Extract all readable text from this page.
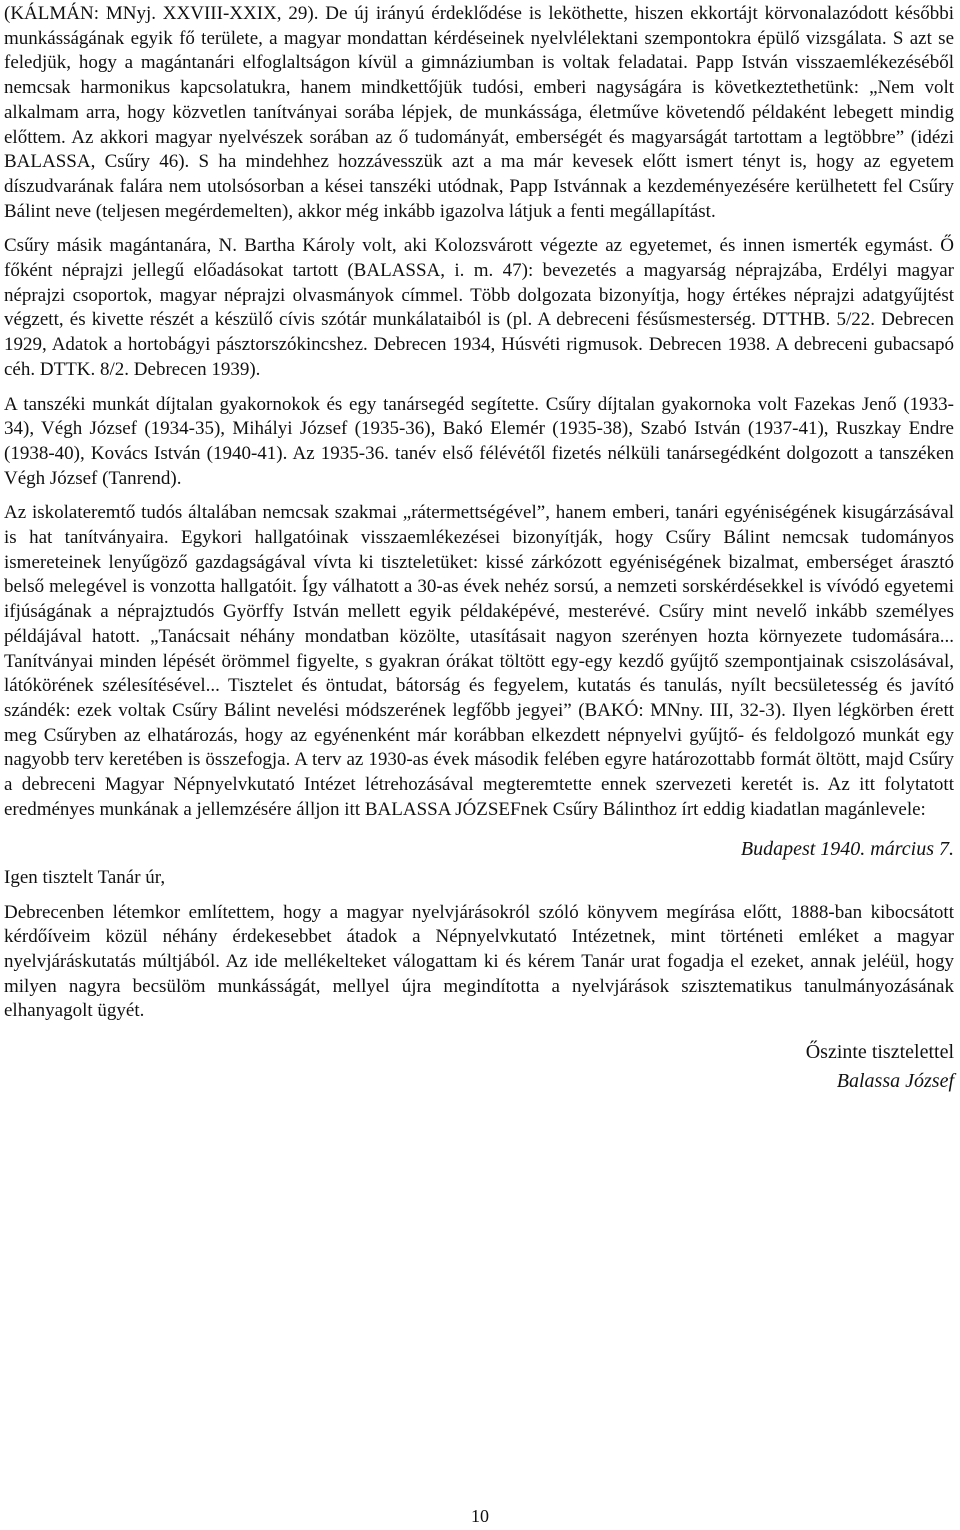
(KÁLMÁN: MNyj. XXVIII-XXIX, 29). De új irányú érdeklődése is leköthette, hiszen ekkortájt körvonalazódott későbbi munkásságának egyik fő területe, a magyar mondattan kérdéseinek nyelvlélektani szempontokra épülő vizsgálata. S azt se feledjük, hogy a magántanári elfoglaltságon kívül a gimnáziumban is voltak feladatai. Papp István visszaemlékezéséből nemcsak harmonikus kapcsolatukra, hanem mindkettőjük tudósi, emberi nagyságára is következtethetünk: „Nem volt alkalmam arra, hogy közvetlen tanítványai sorába lépjek, de munkássága, életműve követendő példaként lebegett mindig előttem. Az akkori magyar nyelvészek sorában az ő tudományát, emberségét és magyarságát tartottam a legtöbbre” (idézi BALASSA, Csűry 46). S ha mindehhez hozzávesszük azt a ma már kevesek előtt ismert tényt is, hogy az egyetem díszudvarának falára nem utolsósorban a kései tanszéki utódnak, Papp Istvánnak a kezdeményezésére kerülhetett fel Csűry Bálint neve (teljesen megérdemelten), akkor még inkább igazolva látjuk a fenti megállapítást.

Csűry másik magántanára, N. Bartha Károly volt, aki Kolozsvárott végezte az egyetemet, és innen ismerték egymást. Ő főként néprajzi jellegű előadásokat tartott (BALASSA, i. m. 47): bevezetés a magyarság néprajzába, Erdélyi magyar néprajzi csoportok, magyar néprajzi olvasmányok címmel. Több dolgozata bizonyítja, hogy értékes néprajzi adatgyűjtést végzett, és kivette részét a készülő cívis szótár munkálataiból is (pl. A debreceni fésűsmesterség. DTTHB. 5/22. Debrecen 1929, Adatok a hortobágyi pásztorszókincshez. Debrecen 1934, Húsvéti rigmusok. Debrecen 1938. A debreceni gubacsapó céh. DTTK. 8/2. Debrecen 1939).

A tanszéki munkát díjtalan gyakornokok és egy tanársegéd segítette. Csűry díjtalan gyakornoka volt Fazekas Jenő (1933-34), Végh József (1934-35), Mihályi József (1935-36), Bakó Elemér (1935-38), Szabó István (1937-41), Ruszkay Endre (1938-40), Kovács István (1940-41). Az 1935-36. tanév első félévétől fizetés nélküli tanársegédként dolgozott a tanszéken Végh József (Tanrend).

Az iskolateremtő tudós általában nemcsak szakmai „rátermettségével”, hanem emberi, tanári egyéniségének kisugárzásával is hat tanítványaira. Egykori hallgatóinak visszaemlékezései bizonyítják, hogy Csűry Bálint nemcsak tudományos ismereteinek lenyűgöző gazdagságával vívta ki tiszteletüket: kissé zárkózott egyéniségének bizalmat, emberséget árasztó belső melegével is vonzotta hallgatóit. Így válhatott a 30-as évek nehéz sorsú, a nemzeti sorskérdésekkel is vívódó egyetemi ifjúságának a néprajztudós Györffy István mellett egyik példaképévé, mesterévé. Csűry mint nevelő inkább személyes példájával hatott. „Tanácsait néhány mondatban közölte, utasításait nagyon szerényen hozta környezete tudomására... Tanítványai minden lépését örömmel figyelte, s gyakran órákat töltött egy-egy kezdő gyűjtő szempontjainak csiszolásával, látókörének szélesítésével... Tisztelet és öntudat, bátorság és fegyelem, kutatás és tanulás, nyílt becsületesség és javító szándék: ezek voltak Csűry Bálint nevelési módszerének legfőbb jegyei” (BAKÓ: MNny. III, 32-3). Ilyen légkörben érett meg Csűryben az elhatározás, hogy az egyénenként már korábban elkezdett népnyelvi gyűjtő- és feldolgozó munkát egy nagyobb terv keretében is összefogja. A terv az 1930-as évek második felében egyre határozottabb formát öltött, majd Csűry a debreceni Magyar Népnyelvkutató Intézet létrehozásával megteremtette ennek szervezeti keretét is. Az itt folytatott eredményes munkának a jellemzésére álljon itt BALASSA JÓZSEFnek Csűry Bálinthoz írt eddig kiadatlan magánlevele:

Budapest 1940. március 7.
Igen tisztelt Tanár úr,

Debrecenben létemkor említettem, hogy a magyar nyelvjárásokról szóló könyvem megírása előtt, 1888-ban kibocsátott kérdőíveim közül néhány érdekesebbet átadok a Népnyelvkutató Intézetnek, mint történeti emléket a magyar nyelvjáráskutatás múltjából. Az ide mellékelteket válogattam ki és kérem Tanár urat fogadja el ezeket, annak jeléül, hogy milyen nagyra becsülöm munkásságát, mellyel újra megindította a nyelvjárások szisztematikus tanulmányozásának elhanyagolt ügyét.

Őszinte tisztelettel
Balassa József
10
